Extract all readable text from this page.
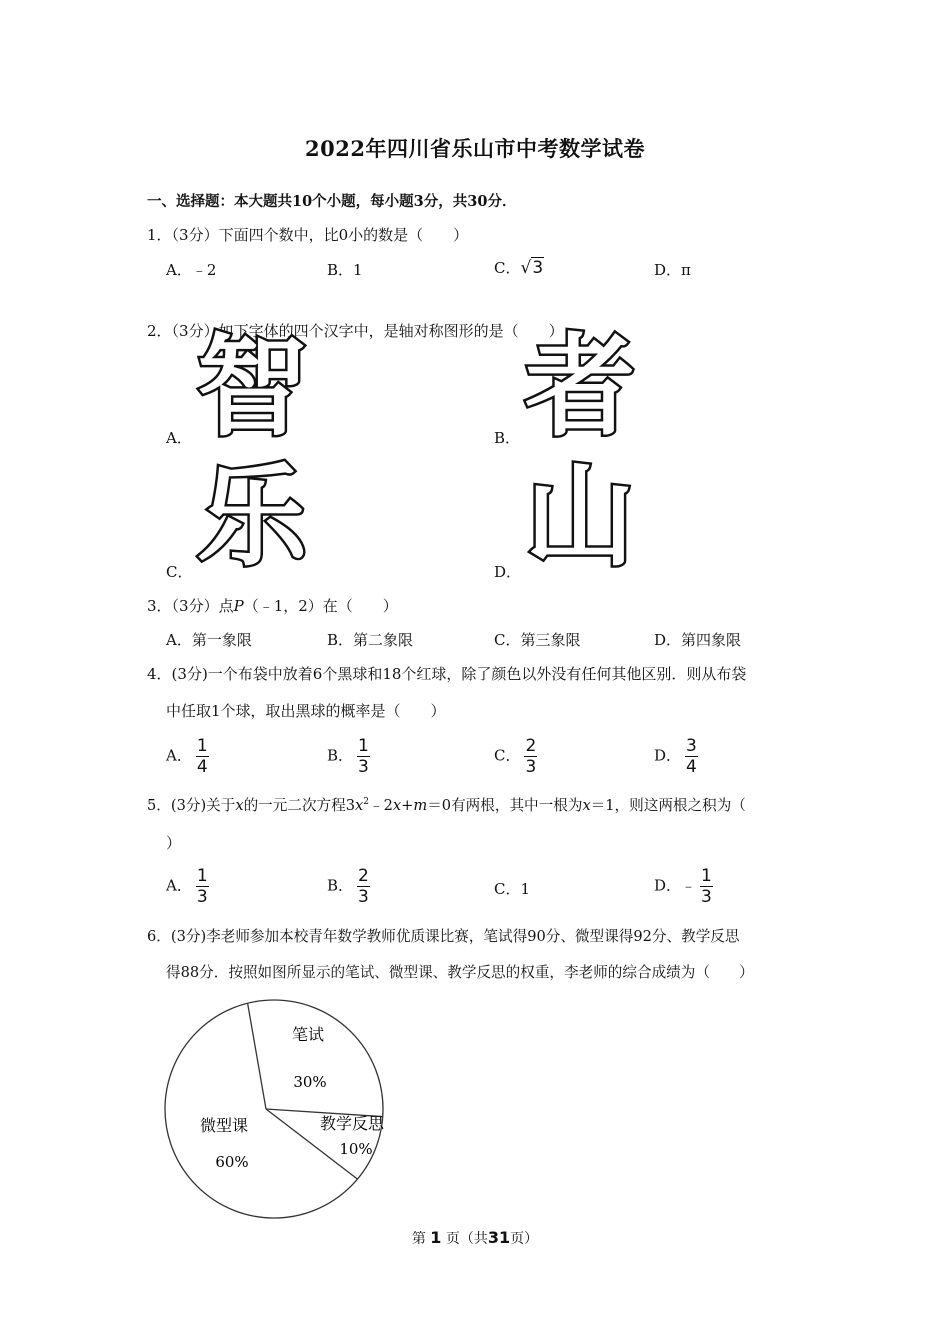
2022年四川省乐山市中考数学试卷
一、选择题：本大题共10个小题，每小题3分，共30分．
1．（3分）下面四个数中，比0小的数是（　　）
A．﹣2	B．1	C．√3	D．π
2．（3分）如下字体的四个汉字中，是轴对称图形的是（　　）
A．	B．
C．	D．
智 者
乐 山
3．（3分）点P（﹣1，2）在（　　）
A．第一象限	B．第二象限	C．第三象限	D．第四象限
4．(3分)一个布袋中放着6个黑球和18个红球，除了颜色以外没有任何其他区别．则从布袋
中任取1个球，取出黑球的概率是（　　）
A． $\frac{1}{4}$	B． $\frac{1}{3}$	C． $\frac{2}{3}$	D． $\frac{3}{4}$
5．(3分)关于x的一元二次方程$3x^2﹣2x+m=0$有两根，其中一根为x＝1，则这两根之积为（
）
A． $\frac{1}{3}$	B． $\frac{2}{3}$	C．1	D．﹣ $\frac{1}{3}$
6．(3分)李老师参加本校青年数学教师优质课比赛，笔试得90分、微型课得92分、教学反思
得88分．按照如图所显示的笔试、微型课、教学反思的权重，李老师的综合成绩为（　　）
笔试
30%
教学反思
10%
微型课
60%
第 1 页（共31页）
